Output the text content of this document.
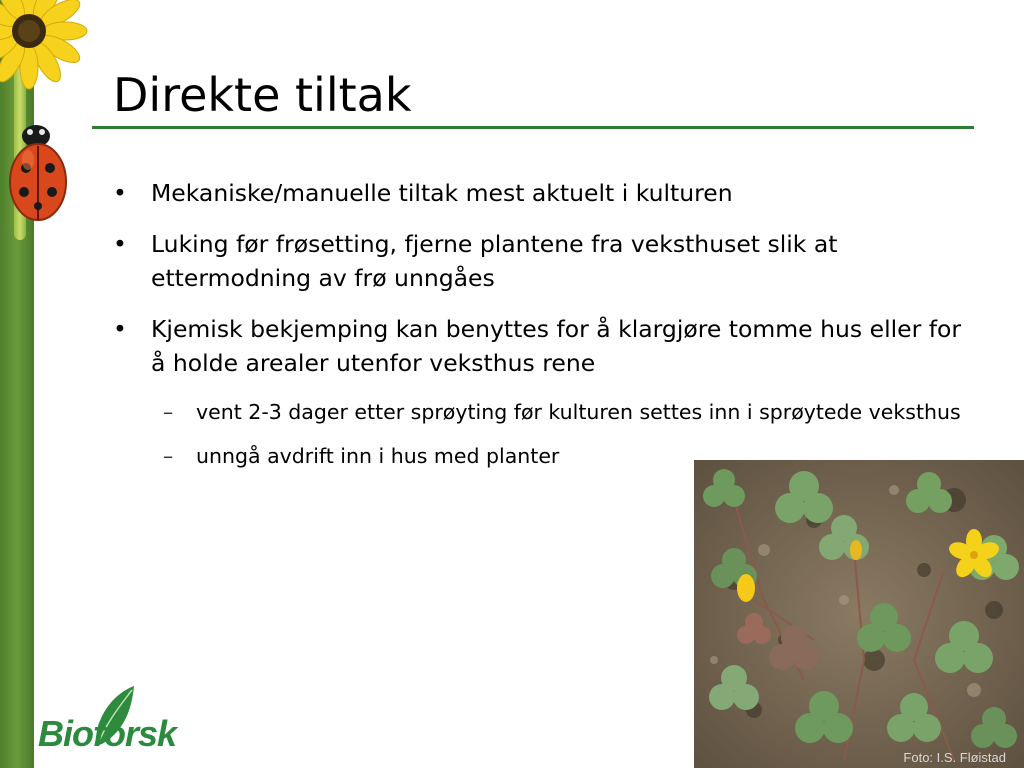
Direkte tiltak
• Mekaniske/manuelle tiltak mest aktuelt i kulturen
• Luking før frøsetting, fjerne plantene fra veksthuset slik at ettermodning av frø unngåes
• Kjemisk bekjemping kan benyttes for å klargjøre tomme hus eller for å holde arealer utenfor veksthus rene
– vent 2-3 dager etter sprøyting før kulturen settes inn i sprøytede veksthus
– unngå avdrift inn i hus med planter
Foto: I.S. Fløistad
Bioforsk
